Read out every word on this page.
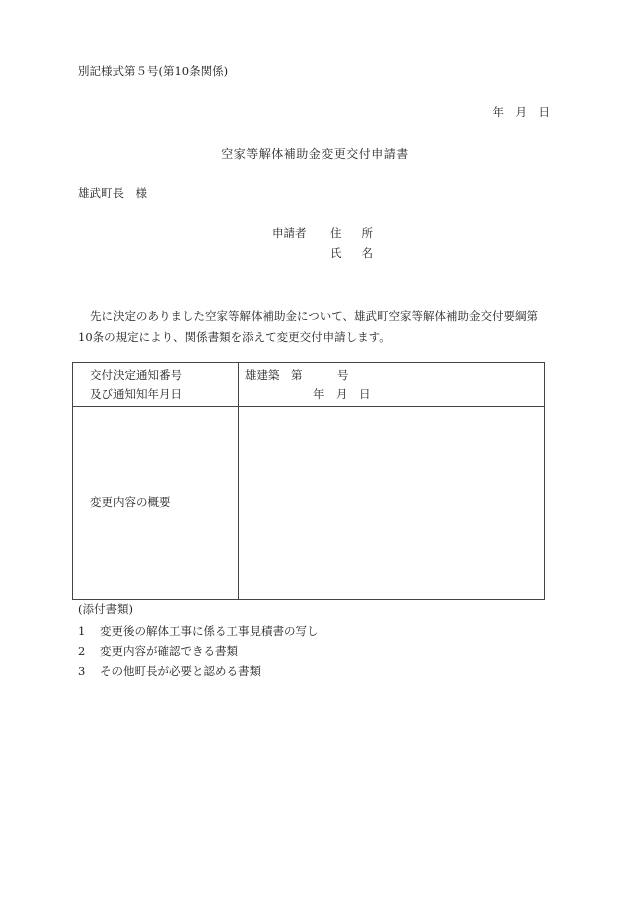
別記様式第５号(第10条関係)
年　月　日
空家等解体補助金変更交付申請書
雄武町長　様
申請者 住所
氏名
先に決定のありました空家等解体補助金について、雄武町空家等解体補助金交付要綱第10条の規定により、関係書類を添えて変更交付申請します。
交付決定通知番号
及び通知知年月日
雄建築　第　　　号
年　月　日
変更内容の概要
(添付書類)
1 変更後の解体工事に係る工事見積書の写し
2 変更内容が確認できる書類
3 その他町長が必要と認める書類
